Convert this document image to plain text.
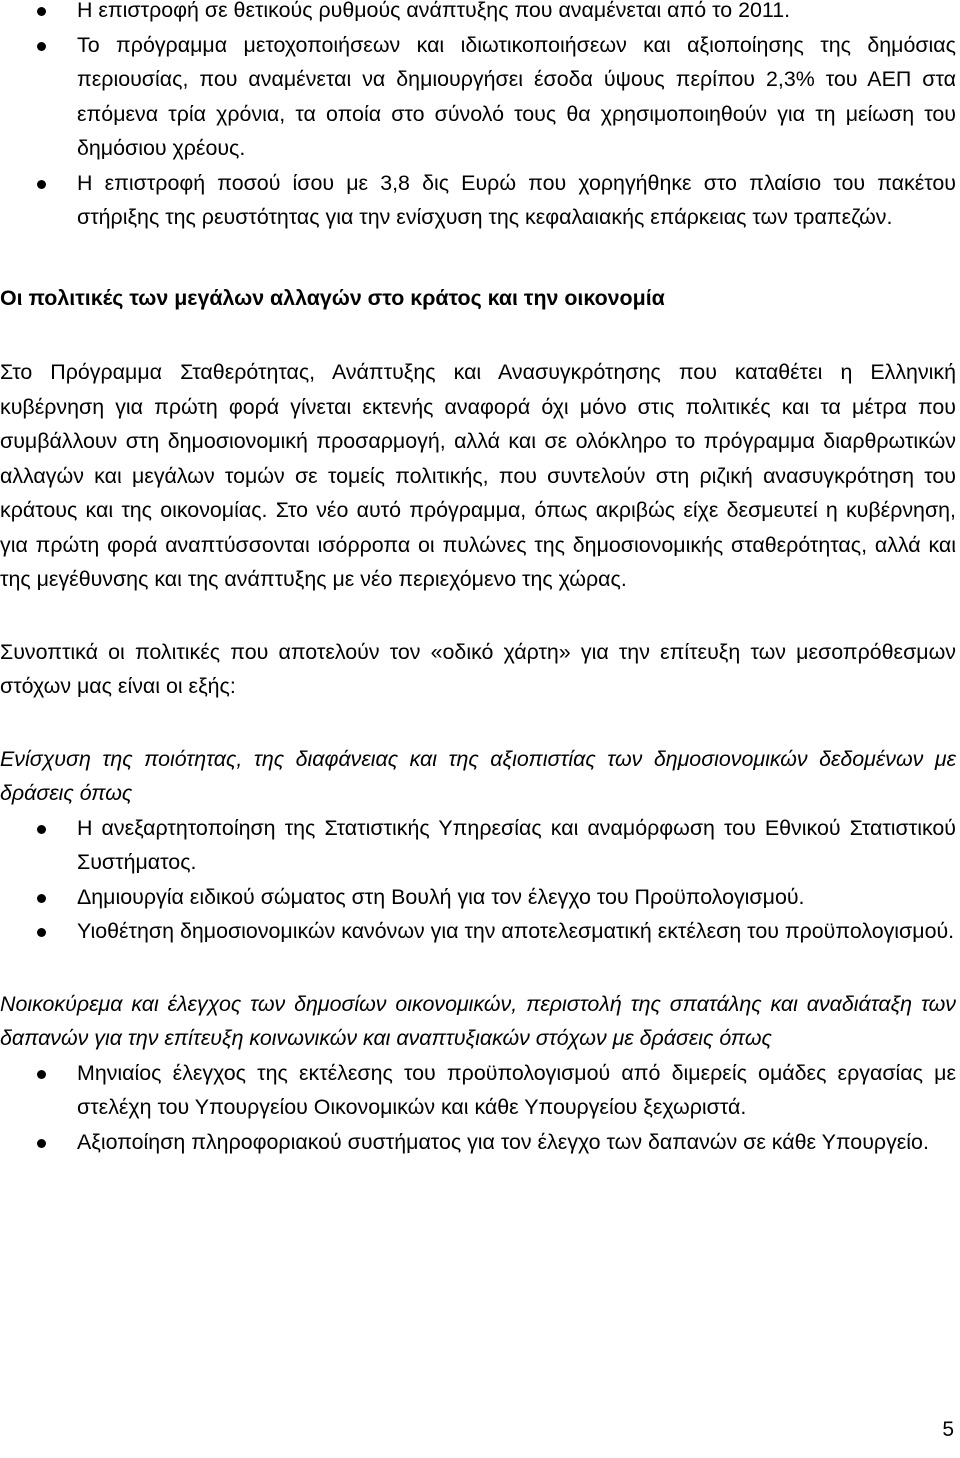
Η επιστροφή σε θετικούς ρυθμούς ανάπτυξης που αναμένεται από το 2011.
Το πρόγραμμα μετοχοποιήσεων και ιδιωτικοποιήσεων και αξιοποίησης της δημόσιας περιουσίας, που αναμένεται να δημιουργήσει έσοδα ύψους περίπου 2,3% του ΑΕΠ στα επόμενα τρία χρόνια, τα οποία στο σύνολό τους θα χρησιμοποιηθούν για τη μείωση του δημόσιου χρέους.
Η επιστροφή ποσού ίσου με 3,8 δις Ευρώ που χορηγήθηκε στο πλαίσιο του πακέτου στήριξης της ρευστότητας για την ενίσχυση της κεφαλαιακής επάρκειας των τραπεζών.
Οι πολιτικές των μεγάλων αλλαγών στο κράτος και την οικονομία

Στο Πρόγραμμα Σταθερότητας, Ανάπτυξης και Ανασυγκρότησης που καταθέτει η Ελληνική κυβέρνηση για πρώτη φορά γίνεται εκτενής αναφορά όχι μόνο στις πολιτικές και τα μέτρα που συμβάλλουν στη δημοσιονομική προσαρμογή, αλλά και σε ολόκληρο το πρόγραμμα διαρθρωτικών αλλαγών και μεγάλων τομών σε τομείς πολιτικής, που συντελούν στη ριζική ανασυγκρότηση του κράτους και της οικονομίας. Στο νέο αυτό πρόγραμμα, όπως ακριβώς είχε δεσμευτεί η κυβέρνηση, για πρώτη φορά αναπτύσσονται ισόρροπα οι πυλώνες της δημοσιονομικής σταθερότητας, αλλά και της μεγέθυνσης και της ανάπτυξης με νέο περιεχόμενο της χώρας.

Συνοπτικά οι πολιτικές που αποτελούν τον «οδικό χάρτη» για την επίτευξη των μεσοπρόθεσμων στόχων μας είναι οι εξής:

Ενίσχυση της ποιότητας, της διαφάνειας και της αξιοπιστίας των δημοσιονομικών δεδομένων με δράσεις όπως

Η ανεξαρτητοποίηση της Στατιστικής Υπηρεσίας και αναμόρφωση του Εθνικού Στατιστικού Συστήματος.
Δημιουργία ειδικού σώματος στη Βουλή για τον έλεγχο του Προϋπολογισμού.
Υιοθέτηση δημοσιονομικών κανόνων για την αποτελεσματική εκτέλεση του προϋπολογισμού.

Νοικοκύρεμα και έλεγχος των δημοσίων οικονομικών, περιστολή της σπατάλης και αναδιάταξη των δαπανών για την επίτευξη κοινωνικών και αναπτυξιακών στόχων με δράσεις όπως

Μηνιαίος έλεγχος της εκτέλεσης του προϋπολογισμού από διμερείς ομάδες εργασίας με στελέχη του Υπουργείου Οικονομικών και κάθε Υπουργείου ξεχωριστά.
Αξιοποίηση πληροφοριακού συστήματος για τον έλεγχο των δαπανών σε κάθε Υπουργείο.
5
